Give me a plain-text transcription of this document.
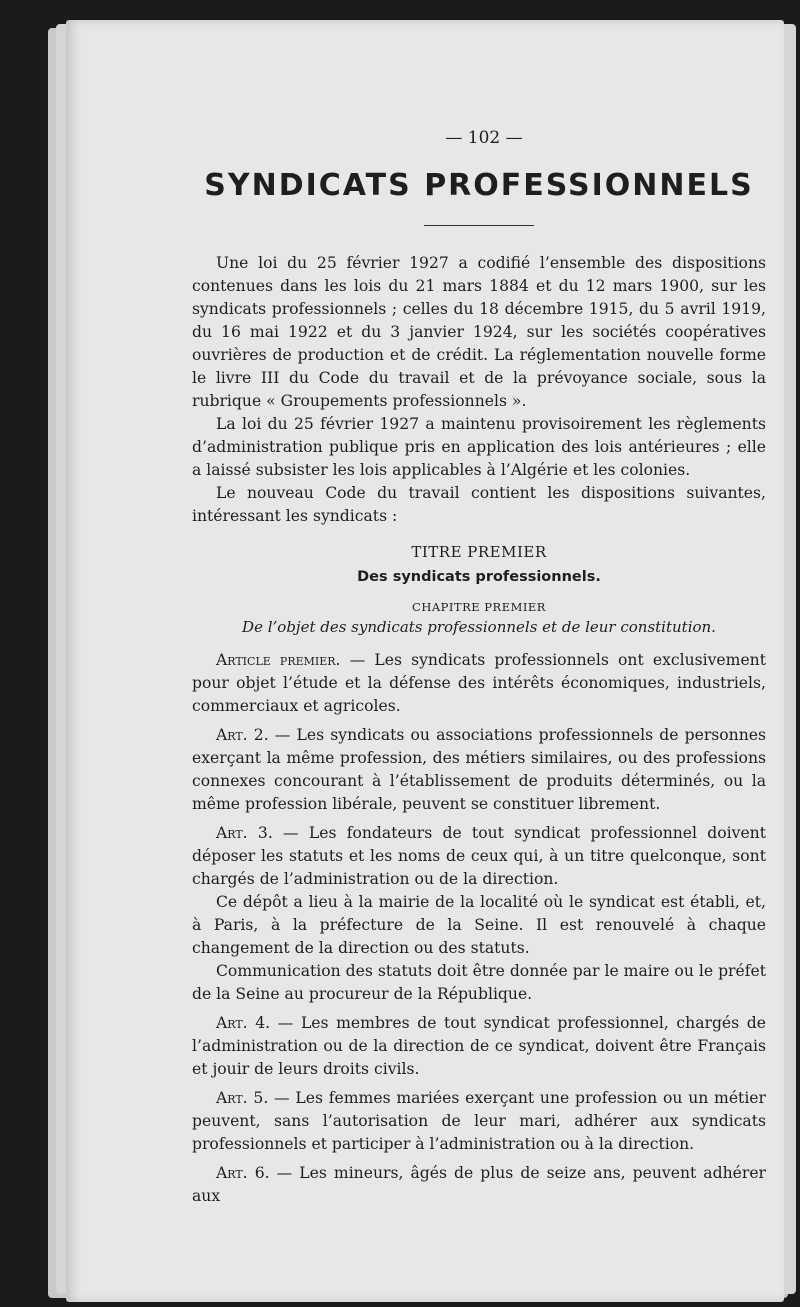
— 102 —
SYNDICATS PROFESSIONNELS

Une loi du 25 février 1927 a codifié l’ensemble des dispositions contenues dans les lois du 21 mars 1884 et du 12 mars 1900, sur les syndicats professionnels ; celles du 18 décembre 1915, du 5 avril 1919, du 16 mai 1922 et du 3 janvier 1924, sur les sociétés coopératives ouvrières de production et de crédit. La réglementation nouvelle forme le livre III du Code du travail et de la prévoyance sociale, sous la rubrique « Groupements professionnels ».

La loi du 25 février 1927 a maintenu provisoirement les règlements d’administration publique pris en application des lois antérieures ; elle a laissé subsister les lois applicables à l’Algérie et les colonies.

Le nouveau Code du travail contient les dispositions suivantes, intéressant les syndicats :

TITRE PREMIER
Des syndicats professionnels.
CHAPITRE PREMIER
De l’objet des syndicats professionnels et de leur constitution.

Article premier. — Les syndicats professionnels ont exclusivement pour objet l’étude et la défense des intérêts économiques, industriels, commerciaux et agricoles.

Art. 2. — Les syndicats ou associations professionnels de personnes exerçant la même profession, des métiers similaires, ou des professions connexes concourant à l’établissement de produits déterminés, ou la même profession libérale, peuvent se constituer librement.

Art. 3. — Les fondateurs de tout syndicat professionnel doivent déposer les statuts et les noms de ceux qui, à un titre quelconque, sont chargés de l’administration ou de la direction.

Ce dépôt a lieu à la mairie de la localité où le syndicat est établi, et, à Paris, à la préfecture de la Seine. Il est renouvelé à chaque changement de la direction ou des statuts.

Communication des statuts doit être donnée par le maire ou le préfet de la Seine au procureur de la République.

Art. 4. — Les membres de tout syndicat professionnel, chargés de l’administration ou de la direction de ce syndicat, doivent être Français et jouir de leurs droits civils.

Art. 5. — Les femmes mariées exerçant une profession ou un métier peuvent, sans l’autorisation de leur mari, adhérer aux syndicats professionnels et participer à l’administration ou à la direction.

Art. 6. — Les mineurs, âgés de plus de seize ans, peuvent adhérer aux
